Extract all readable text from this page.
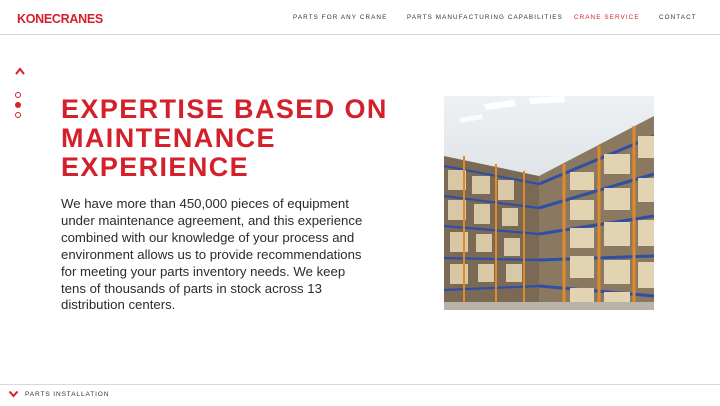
KONECRANES	PARTS FOR ANY CRANE	PARTS MANUFACTURING CAPABILITIES CRANE SERVICE	CONTACT
EXPERTISE BASED ON MAINTENANCE EXPERIENCE

We have more than 450,000 pieces of equipment under maintenance agreement, and this experience combined with our knowledge of your process and environment allows us to provide recommendations for meeting your parts inventory needs. We keep tens of thousands of parts in stock across 13 distribution centers.

PARTS INSTALLATION
